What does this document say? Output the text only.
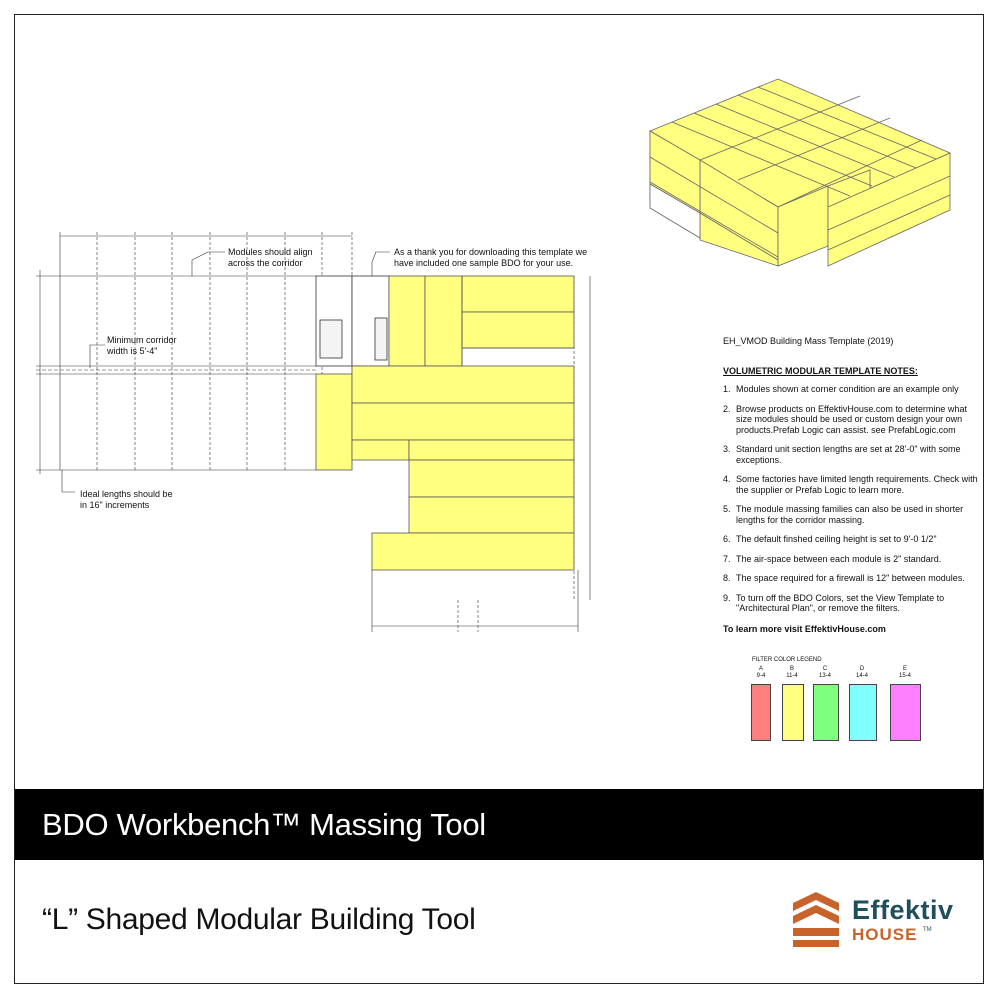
Modules should align
across the corridor
As a thank you for downloading this template we
have included one sample BDO for your use.
Minimum corridor
width is 5'-4"
Ideal lengths should be
in 16" increments
EH_VMOD Building Mass Template (2019)
VOLUMETRIC MODULAR TEMPLATE NOTES:
1. Modules shown at corner condition are an example only
2. Browse products on EffektivHouse.com to determine what size modules should be used or custom design your own products.Prefab Logic can assist. see PrefabLogic.com
3. Standard unit section lengths are set at 28'-0" with some exceptions.
4. Some factories have limited length requirements. Check with the supplier or Prefab Logic to learn more.
5. The module massing families can also be used in shorter lengths for the corridor massing.
6. The default finshed ceiling height is set to 9'-0 1/2"
7. The air-space between each module is 2" standard.
8. The space required for a firewall is 12" between modules.
9. To turn off the BDO Colors, set the View Template to "Architectural Plan", or remove the filters.
To learn more visit EffektivHouse.com
FILTER COLOR LEGEND
A
9-4
B
11-4
C
13-4
D
14-4
E
15-4
BDO Workbench™ Massing Tool
“L” Shaped Modular Building Tool	Effektiv
HOUSE TM
